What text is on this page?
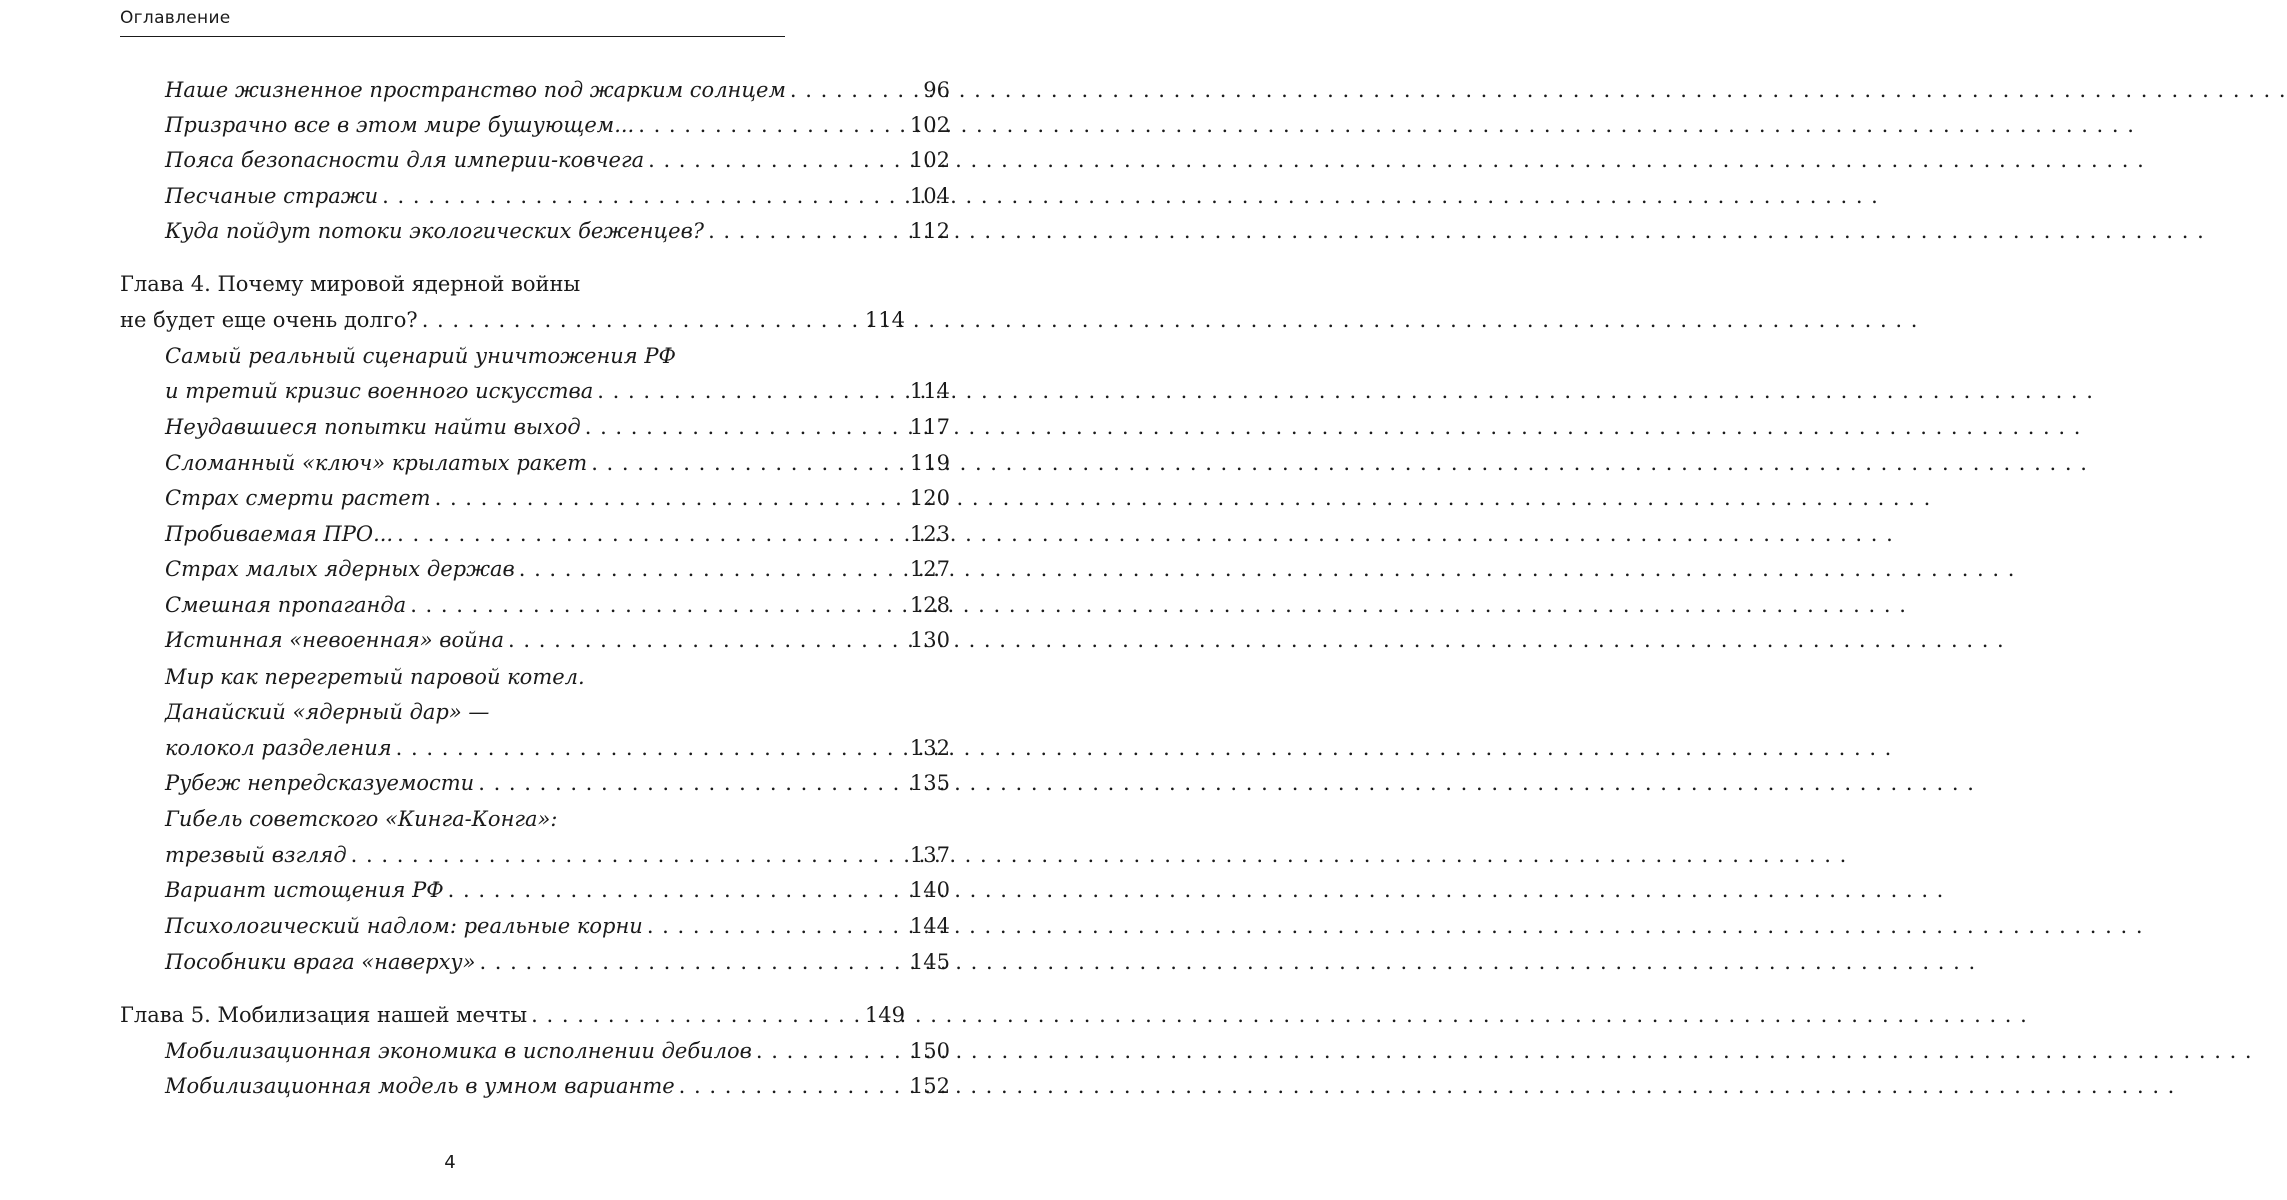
Оглавление
Наше жизненное пространство под жарким солнцем . . .	96
Призрачно все в этом мире бушующем... . . .	102
Пояса безопасности для империи-ковчега . . .	102
Песчаные стражи . . .	104
Куда пойдут потоки экологических беженцев? . . .	112
Глава 4. Почему мировой ядерной войны
не будет еще очень долго? . . .	114
Самый реальный сценарий уничтожения РФ
и третий кризис военного искусства . . .	114
Неудавшиеся попытки найти выход . . .	117
Сломанный «ключ» крылатых ракет . . .	119
Страх смерти растет . . .	120
Пробиваемая ПРО... . . .	123
Страх малых ядерных держав . . .	127
Смешная пропаганда . . .	128
Истинная «невоенная» война . . .	130
Мир как перегретый паровой котел.
Данайский «ядерный дар» —
колокол разделения . . .	132
Рубеж непредсказуемости . . .	135
Гибель советского «Кинга-Конга»:
трезвый взгляд . . .	137
Вариант истощения РФ . . .	140
Психологический надлом: реальные корни . . .	144
Пособники врага «наверху» . . .	145
Глава 5. Мобилизация нашей мечты . . .	149
Мобилизационная экономика в исполнении дебилов . . .	150
Мобилизационная модель в умном варианте . . .	152
4
